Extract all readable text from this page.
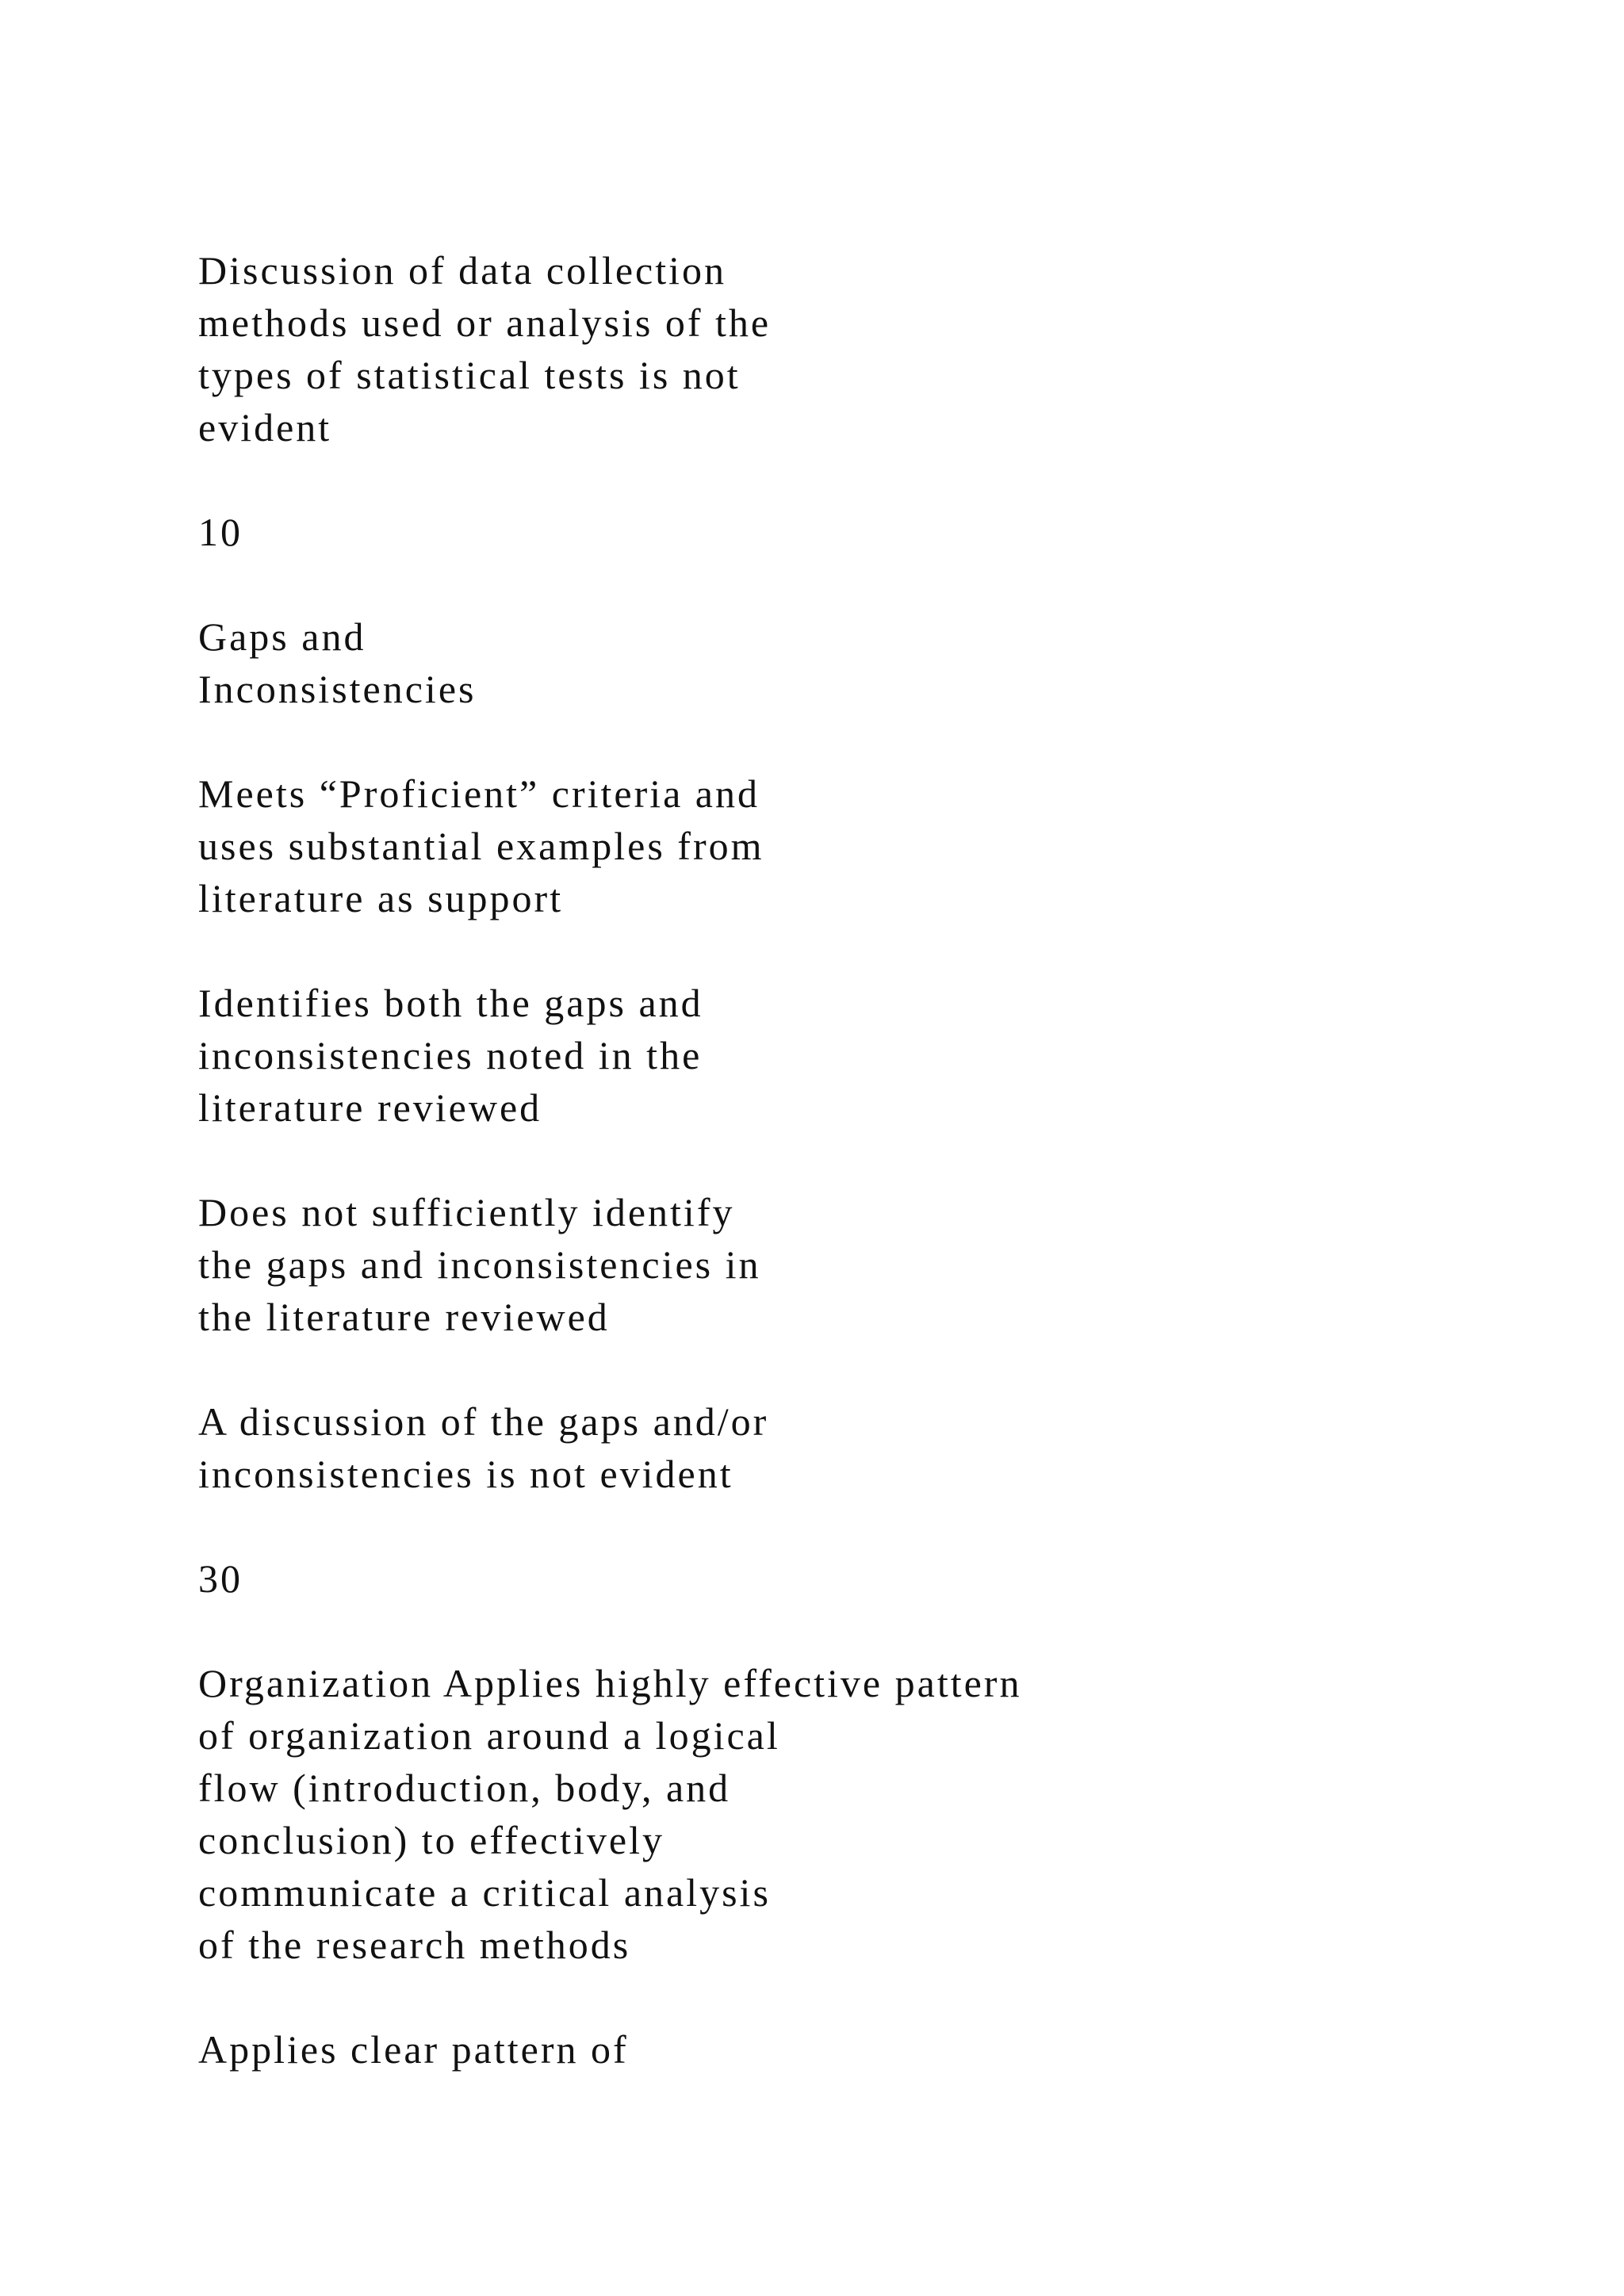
Discussion of data collection
methods used or analysis of the
types of statistical tests is not
evident

10

Gaps and
Inconsistencies

Meets “Proficient” criteria and
uses substantial examples from
literature as support

Identifies both the gaps and
inconsistencies noted in the
literature reviewed

Does not sufficiently identify
the gaps and inconsistencies in
the literature reviewed

A discussion of the gaps and/or
inconsistencies is not evident

30

Organization Applies highly effective pattern
of organization around a logical
flow (introduction, body, and
conclusion) to effectively
communicate a critical analysis
of the research methods

Applies clear pattern of
